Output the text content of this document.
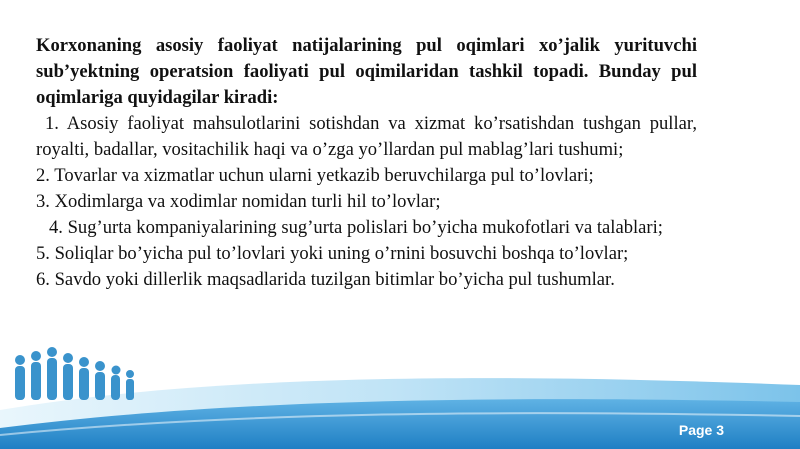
Korxonaning asosiy faoliyat natijalarining pul oqimlari xo’jalik yurituvchi sub’yektning operatsion faoliyati pul oqimilaridan tashkil topadi. Bunday pul oqimlariga quyidagilar kiradi:

1. Asosiy faoliyat mahsulotlarini sotishdan va xizmat ko’rsatishdan tushgan pullar, royalti, badallar, vositachilik haqi va o’zga yo’llardan pul mablag’lari tushumi;

2. Tovarlar va xizmatlar uchun ularni yetkazib beruvchilarga pul to’lovlari;

3. Xodimlarga va xodimlar nomidan turli hil to’lovlar;

4. Sug’urta kompaniyalarining sug’urta polislari bo’yicha mukofotlari va talablari;

5. Soliqlar bo’yicha pul to’lovlari yoki uning o’rnini bosuvchi boshqa to’lovlar;

6. Savdo yoki dillerlik maqsadlarida tuzilgan bitimlar bo’yicha pul tushumlar.

Page 3
